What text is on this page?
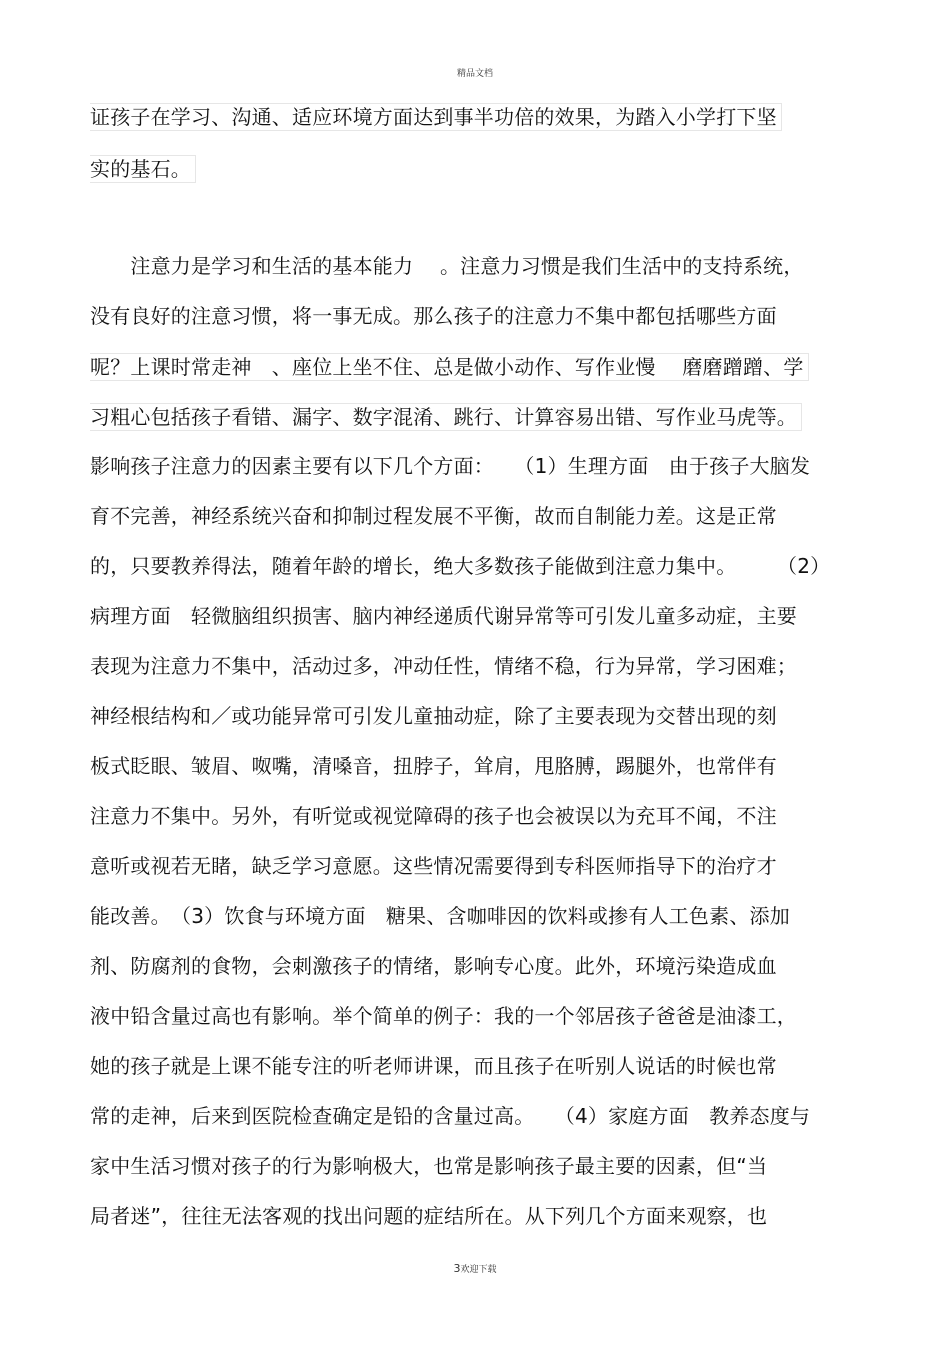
精品文档
证孩子在学习、沟通、适应环境方面达到事半功倍的效果，为踏入小学打下坚
实的基石。
　　注意力是学习和生活的基本能力　 。注意力习惯是我们生活中的支持系统，
没有良好的注意习惯，将一事无成。那么孩子的注意力不集中都包括哪些方面
呢？上课时常走神　、座位上坐不住、总是做小动作、写作业慢　 磨磨蹭蹭、学
习粗心包括孩子看错、漏字、数字混淆、跳行、计算容易出错、写作业马虎等。
影响孩子注意力的因素主要有以下几个方面：　　（1）生理方面　由于孩子大脑发
育不完善，神经系统兴奋和抑制过程发展不平衡，故而自制能力差。这是正常
的，只要教养得法，随着年龄的增长，绝大多数孩子能做到注意力集中。　　　（2）
病理方面　轻微脑组织损害、脑内神经递质代谢异常等可引发儿童多动症，主要
表现为注意力不集中，活动过多，冲动任性，情绪不稳，行为异常，学习困难；
神经根结构和／或功能异常可引发儿童抽动症，除了主要表现为交替出现的刻
板式眨眼、皱眉、呶嘴，清嗓音，扭脖子，耸肩，甩胳膊，踢腿外，也常伴有
注意力不集中。另外，有听觉或视觉障碍的孩子也会被误以为充耳不闻，不注
意听或视若无睹，缺乏学习意愿。这些情况需要得到专科医师指导下的治疗才
能改善。　（3）饮食与环境方面　糖果、含咖啡因的饮料或掺有人工色素、添加
剂、防腐剂的食物，会刺激孩子的情绪，影响专心度。此外，环境污染造成血
液中铅含量过高也有影响。举个简单的例子：我的一个邻居孩子爸爸是油漆工，
她的孩子就是上课不能专注的听老师讲课，而且孩子在听别人说话的时候也常
常的走神，后来到医院检查确定是铅的含量过高。　　（4）家庭方面　教养态度与
家中生活习惯对孩子的行为影响极大，也常是影响孩子最主要的因素，但“当
局者迷”，往往无法客观的找出问题的症结所在。从下列几个方面来观察，也
3欢迎下载
